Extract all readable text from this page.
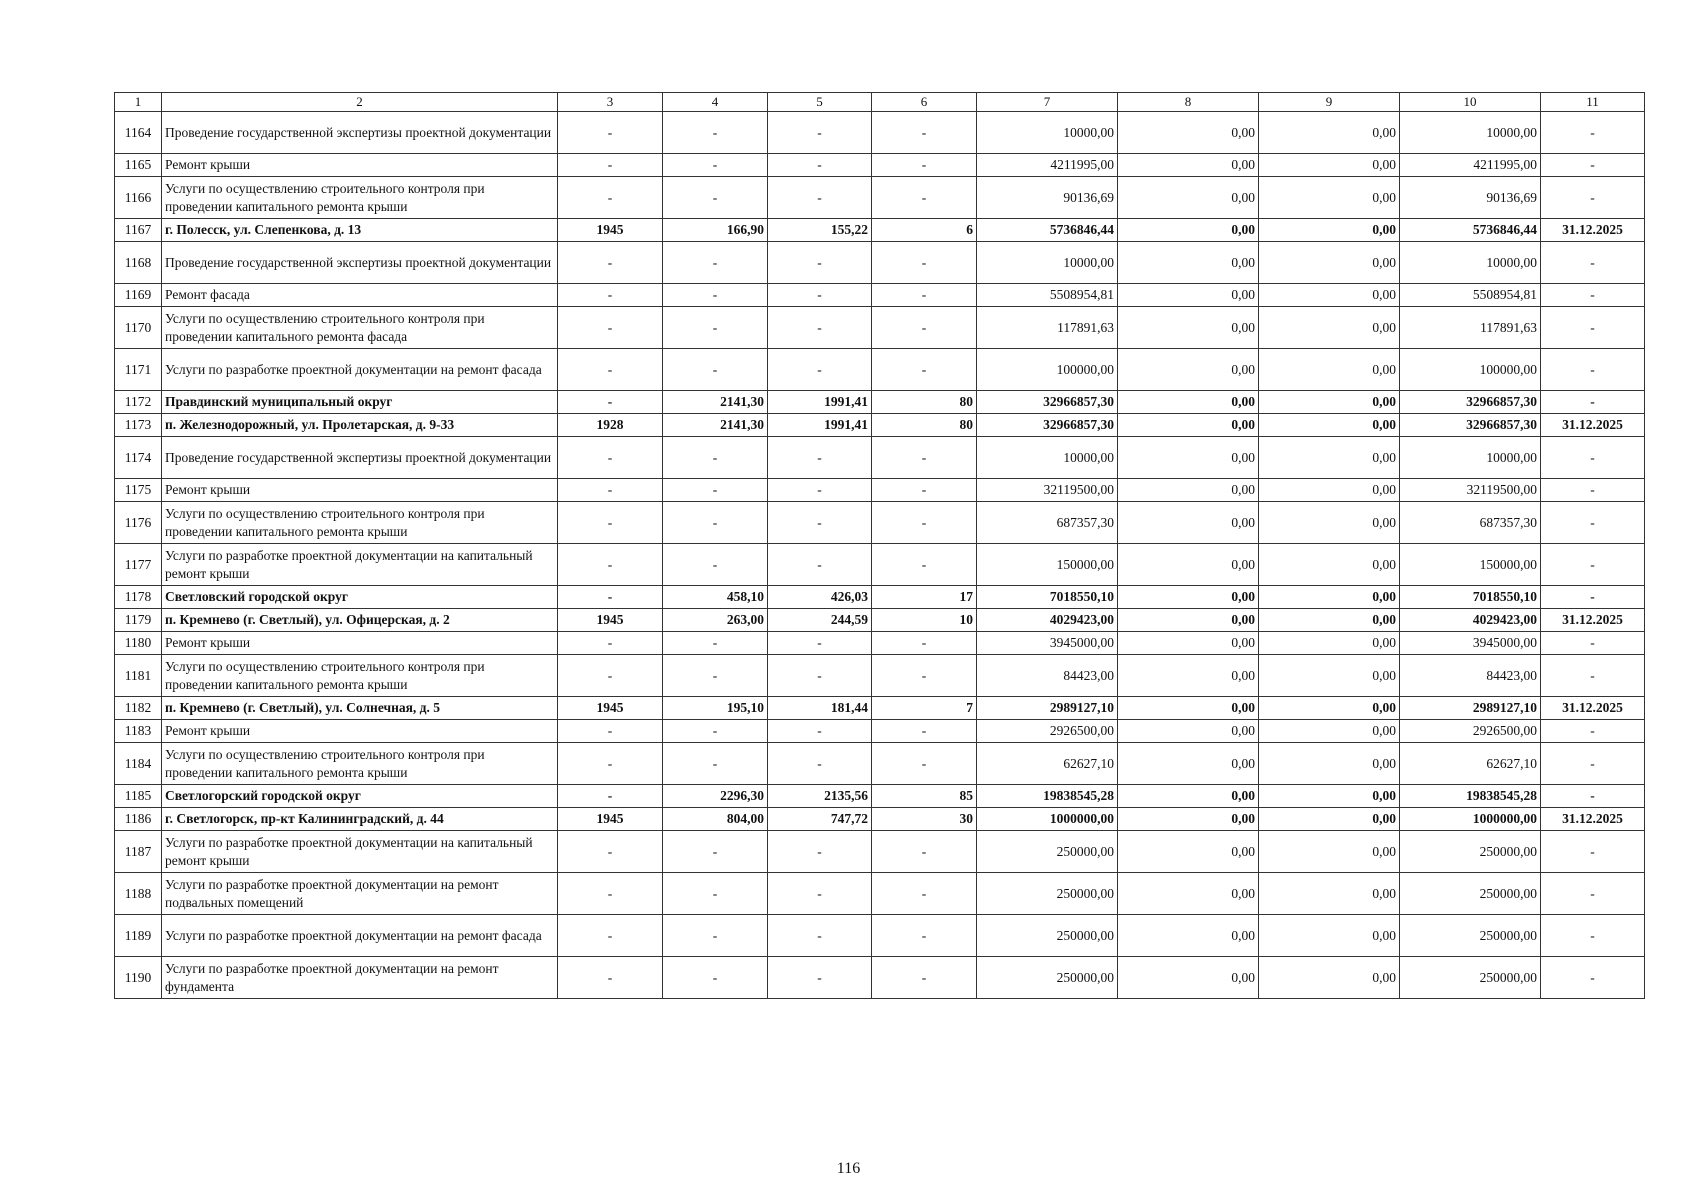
1	2	3	4	5	6	7	8	9	10	11
1164	Проведение государственной экспертизы проектной документации	-	-	-	-	10000,00	0,00	0,00	10000,00	-
1165	Ремонт крыши	-	-	-	-	4211995,00	0,00	0,00	4211995,00	-
1166	Услуги по осуществлению строительного контроля при проведении капитального ремонта крыши	-	-	-	-	90136,69	0,00	0,00	90136,69	-
1167	г. Полесск, ул. Слепенкова, д. 13	1945	166,90	155,22	6	5736846,44	0,00	0,00	5736846,44	31.12.2025
1168	Проведение государственной экспертизы проектной документации	-	-	-	-	10000,00	0,00	0,00	10000,00	-
1169	Ремонт фасада	-	-	-	-	5508954,81	0,00	0,00	5508954,81	-
1170	Услуги по осуществлению строительного контроля при проведении капитального ремонта фасада	-	-	-	-	117891,63	0,00	0,00	117891,63	-
1171	Услуги по разработке проектной документации на ремонт фасада	-	-	-	-	100000,00	0,00	0,00	100000,00	-
1172	Правдинский муниципальный округ	-	2141,30	1991,41	80	32966857,30	0,00	0,00	32966857,30	-
1173	п. Железнодорожный, ул. Пролетарская, д. 9-33	1928	2141,30	1991,41	80	32966857,30	0,00	0,00	32966857,30	31.12.2025
1174	Проведение государственной экспертизы проектной документации	-	-	-	-	10000,00	0,00	0,00	10000,00	-
1175	Ремонт крыши	-	-	-	-	32119500,00	0,00	0,00	32119500,00	-
1176	Услуги по осуществлению строительного контроля при проведении капитального ремонта крыши	-	-	-	-	687357,30	0,00	0,00	687357,30	-
1177	Услуги по разработке проектной документации на капитальный ремонт крыши	-	-	-	-	150000,00	0,00	0,00	150000,00	-
1178	Светловский городской округ	-	458,10	426,03	17	7018550,10	0,00	0,00	7018550,10	-
1179	п. Кремнево (г. Светлый), ул. Офицерская, д. 2	1945	263,00	244,59	10	4029423,00	0,00	0,00	4029423,00	31.12.2025
1180	Ремонт крыши	-	-	-	-	3945000,00	0,00	0,00	3945000,00	-
1181	Услуги по осуществлению строительного контроля при проведении капитального ремонта крыши	-	-	-	-	84423,00	0,00	0,00	84423,00	-
1182	п. Кремнево (г. Светлый), ул. Солнечная, д. 5	1945	195,10	181,44	7	2989127,10	0,00	0,00	2989127,10	31.12.2025
1183	Ремонт крыши	-	-	-	-	2926500,00	0,00	0,00	2926500,00	-
1184	Услуги по осуществлению строительного контроля при проведении капитального ремонта крыши	-	-	-	-	62627,10	0,00	0,00	62627,10	-
1185	Светлогорский городской округ	-	2296,30	2135,56	85	19838545,28	0,00	0,00	19838545,28	-
1186	г. Светлогорск, пр-кт Калининградский, д. 44	1945	804,00	747,72	30	1000000,00	0,00	0,00	1000000,00	31.12.2025
1187	Услуги по разработке проектной документации на капитальный ремонт крыши	-	-	-	-	250000,00	0,00	0,00	250000,00	-
1188	Услуги по разработке проектной документации на ремонт подвальных помещений	-	-	-	-	250000,00	0,00	0,00	250000,00	-
1189	Услуги по разработке проектной документации на ремонт фасада	-	-	-	-	250000,00	0,00	0,00	250000,00	-
1190	Услуги по разработке проектной документации на ремонт фундамента	-	-	-	-	250000,00	0,00	0,00	250000,00	-
116
